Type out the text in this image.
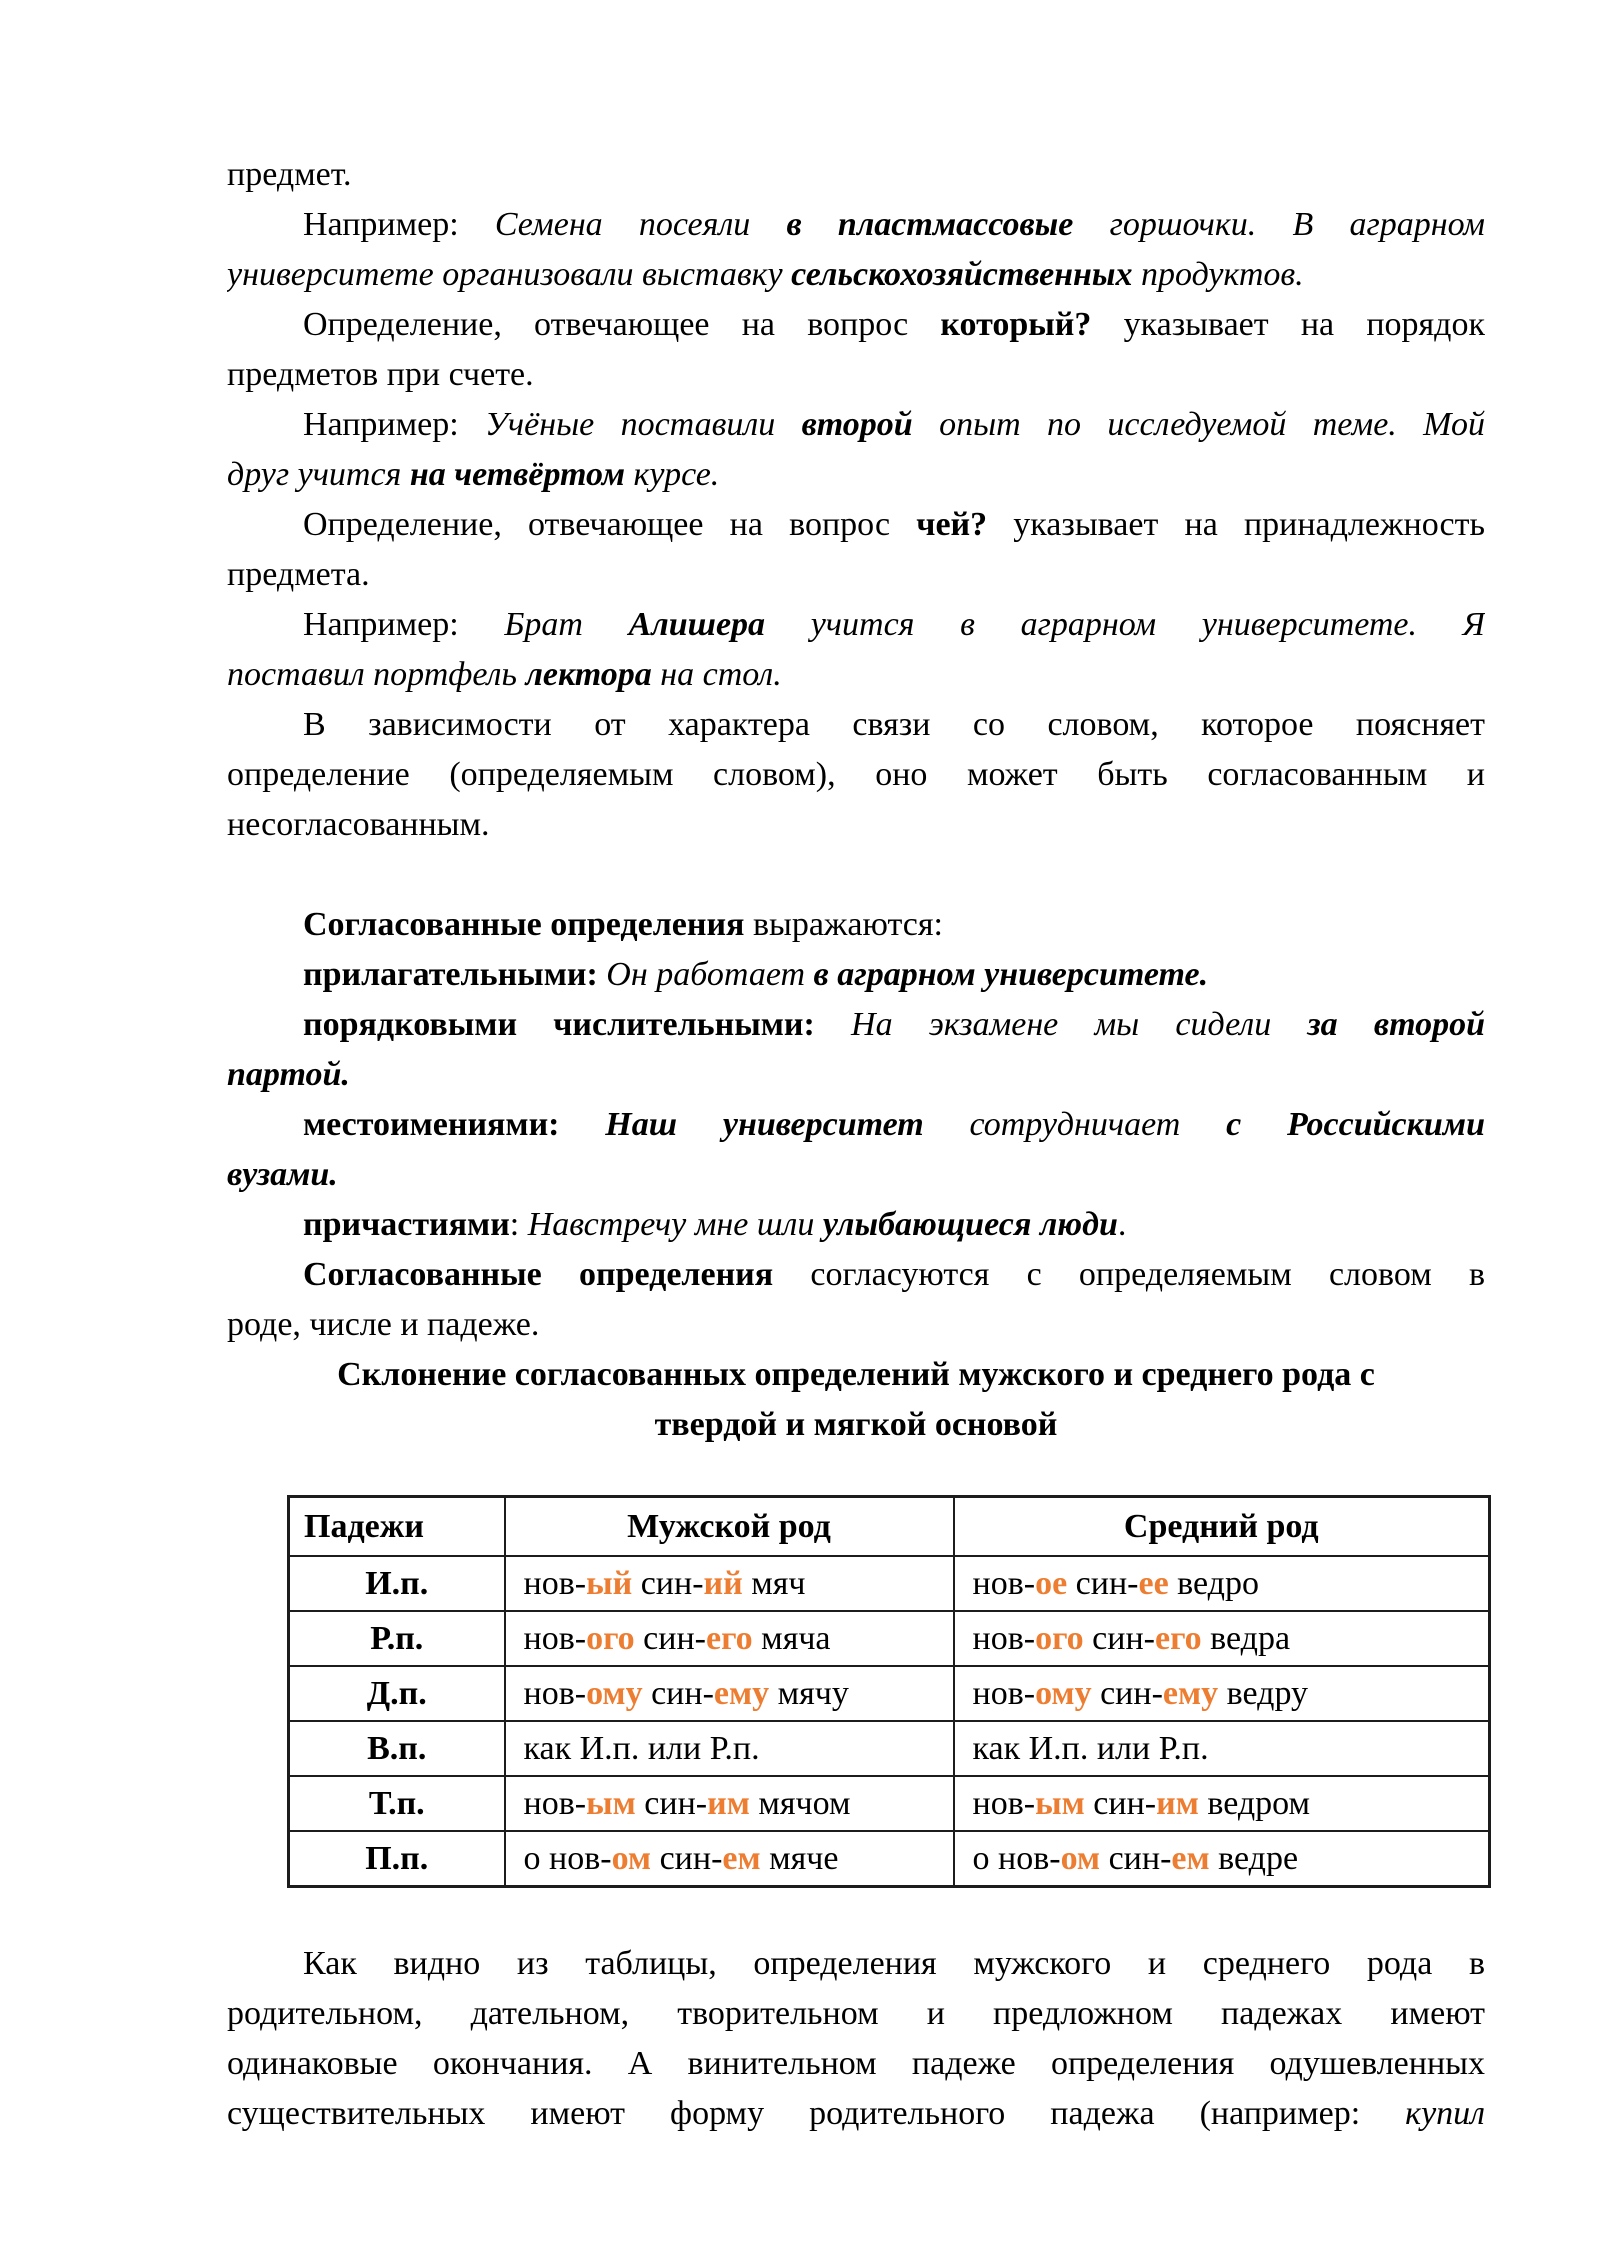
предмет.
Например: Семена посеяли в пластмассовые горшочки. В аграрном
университете организовали выставку сельскохозяйственных продуктов.
Определение, отвечающее на вопрос который? указывает на порядок
предметов при счете.
Например: Учёные поставили второй опыт по исследуемой теме. Мой
друг учится на четвёртом курсе.
Определение, отвечающее на вопрос чей? указывает на принадлежность
предмета.
Например: Брат Алишера учится в аграрном университете. Я
поставил портфель лектора на стол.
В зависимости от характера связи со словом, которое поясняет
определение (определяемым словом), оно может быть согласованным и
несогласованным.
Согласованные определения выражаются:
прилагательными: Он работает в аграрном университете.
порядковыми числительными: На экзамене мы сидели за второй
партой.
местоимениями: Наш университет сотрудничает с Российскими
вузами.
причастиями: Навстречу мне шли улыбающиеся люди.
Согласованные определения согласуются с определяемым словом в
роде, числе и падеже.
Склонение согласованных определений мужского и среднего рода с
твердой и мягкой основой
Падежи	Мужской род	Средний род
И.п.	нов-ый син-ий мяч	нов-ое син-ее ведро
Р.п.	нов-ого син-его мяча	нов-ого син-его ведра
Д.п.	нов-ому син-ему мячу	нов-ому син-ему ведру
В.п.	как И.п. или Р.п.	как И.п. или Р.п.
Т.п.	нов-ым син-им мячом	нов-ым син-им ведром
П.п.	о нов-ом син-ем мяче	о нов-ом син-ем ведре
Как видно из таблицы, определения мужского и среднего рода в
родительном, дательном, творительном и предложном падежах имеют
одинаковые окончания. А винительном падеже определения одушевленных
существительных имеют форму родительного падежа (например: купил
